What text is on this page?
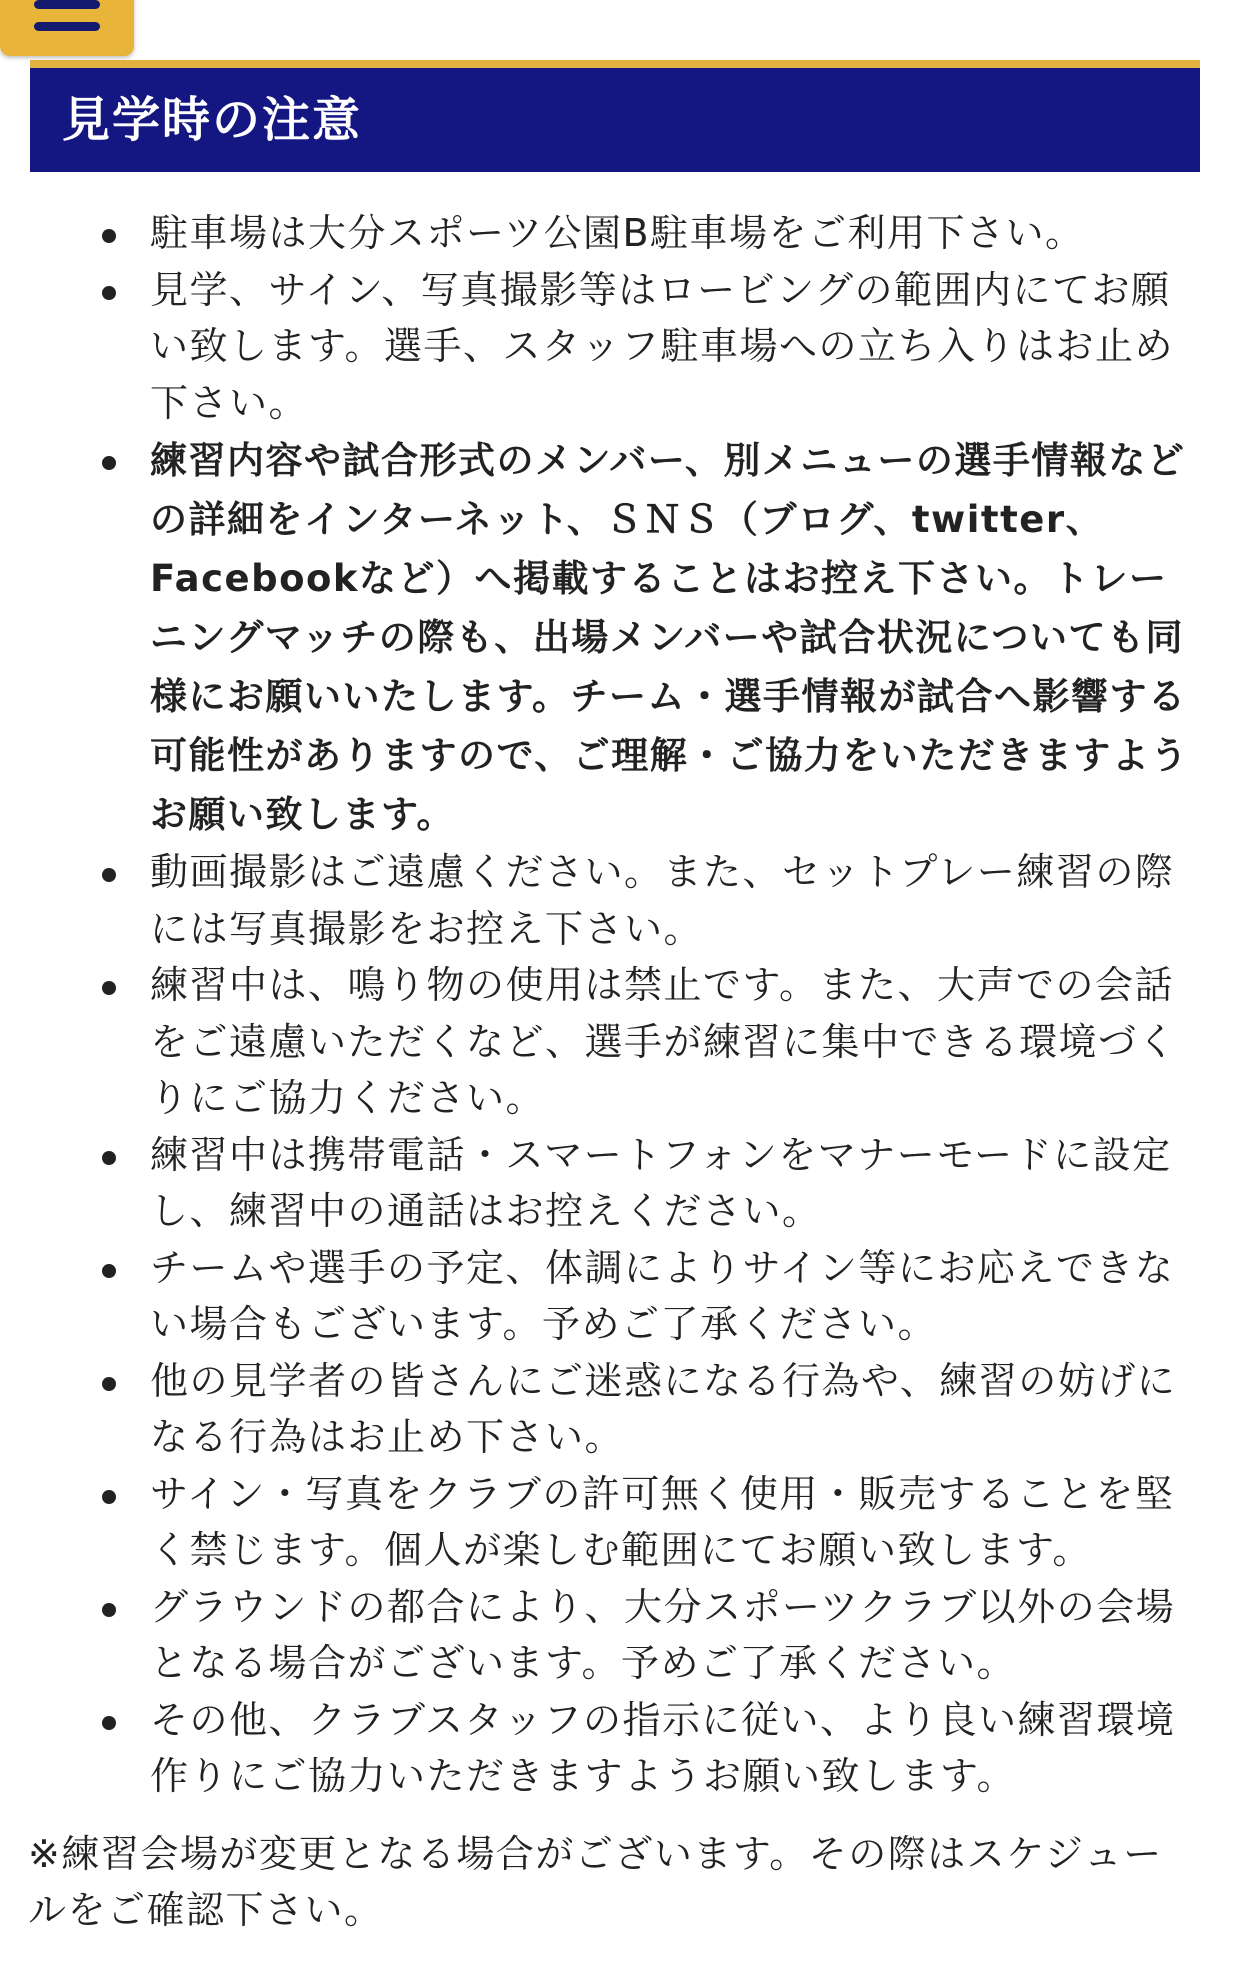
見学時の注意
駐車場は大分スポーツ公園B駐車場をご利用下さい。
見学、サイン、写真撮影等はロービングの範囲内にてお願い致します。選手、スタッフ駐車場への立ち入りはお止め下さい。
練習内容や試合形式のメンバー、別メニューの選手情報などの詳細をインターネット、ＳＮＳ（ブログ、twitter、Facebookなど）へ掲載することはお控え下さい。トレーニングマッチの際も、出場メンバーや試合状況についても同様にお願いいたします。チーム・選手情報が試合へ影響する可能性がありますので、ご理解・ご協力をいただきますようお願い致します。
動画撮影はご遠慮ください。また、セットプレー練習の際には写真撮影をお控え下さい。
練習中は、鳴り物の使用は禁止です。また、大声での会話をご遠慮いただくなど、選手が練習に集中できる環境づくりにご協力ください。
練習中は携帯電話・スマートフォンをマナーモードに設定し、練習中の通話はお控えください。
チームや選手の予定、体調によりサイン等にお応えできない場合もございます。予めご了承ください。
他の見学者の皆さんにご迷惑になる行為や、練習の妨げになる行為はお止め下さい。
サイン・写真をクラブの許可無く使用・販売することを堅く禁じます。個人が楽しむ範囲にてお願い致します。
グラウンドの都合により、大分スポーツクラブ以外の会場となる場合がございます。予めご了承ください。
その他、クラブスタッフの指示に従い、より良い練習環境作りにご協力いただきますようお願い致します。
※練習会場が変更となる場合がございます。その際はスケジュールをご確認下さい。
